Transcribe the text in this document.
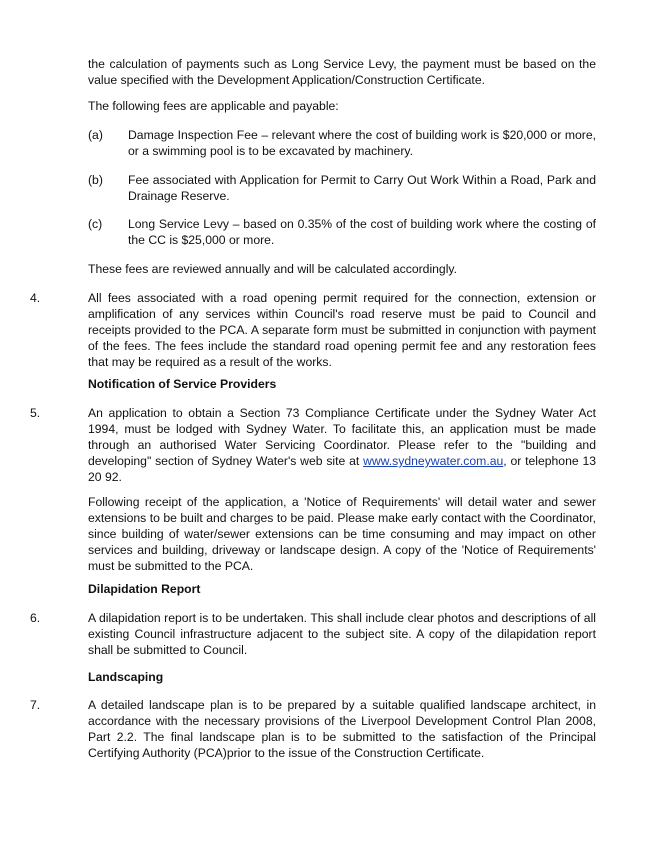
the calculation of payments such as Long Service Levy, the payment must be based on the value specified with the Development Application/Construction Certificate.

The following fees are applicable and payable:

(a) Damage Inspection Fee – relevant where the cost of building work is $20,000 or more, or a swimming pool is to be excavated by machinery.
(b) Fee associated with Application for Permit to Carry Out Work Within a Road, Park and Drainage Reserve.
(c) Long Service Levy – based on 0.35% of the cost of building work where the costing of the CC is $25,000 or more.

These fees are reviewed annually and will be calculated accordingly.

4.	All fees associated with a road opening permit required for the connection, extension or amplification of any services within Council's road reserve must be paid to Council and receipts provided to the PCA. A separate form must be submitted in conjunction with payment of the fees. The fees include the standard road opening permit fee and any restoration fees that may be required as a result of the works.

Notification of Service Providers

5.	An application to obtain a Section 73 Compliance Certificate under the Sydney Water Act 1994, must be lodged with Sydney Water. To facilitate this, an application must be made through an authorised Water Servicing Coordinator. Please refer to the "building and developing" section of Sydney Water's web site at www.sydneywater.com.au, or telephone 13 20 92.

Following receipt of the application, a 'Notice of Requirements' will detail water and sewer extensions to be built and charges to be paid. Please make early contact with the Coordinator, since building of water/sewer extensions can be time consuming and may impact on other services and building, driveway or landscape design. A copy of the 'Notice of Requirements' must be submitted to the PCA.

Dilapidation Report

6.	A dilapidation report is to be undertaken. This shall include clear photos and descriptions of all existing Council infrastructure adjacent to the subject site. A copy of the dilapidation report shall be submitted to Council.

Landscaping

7.	A detailed landscape plan is to be prepared by a suitable qualified landscape architect, in accordance with the necessary provisions of the Liverpool Development Control Plan 2008, Part 2.2. The final landscape plan is to be submitted to the satisfaction of the Principal Certifying Authority (PCA)prior to the issue of the Construction Certificate.
